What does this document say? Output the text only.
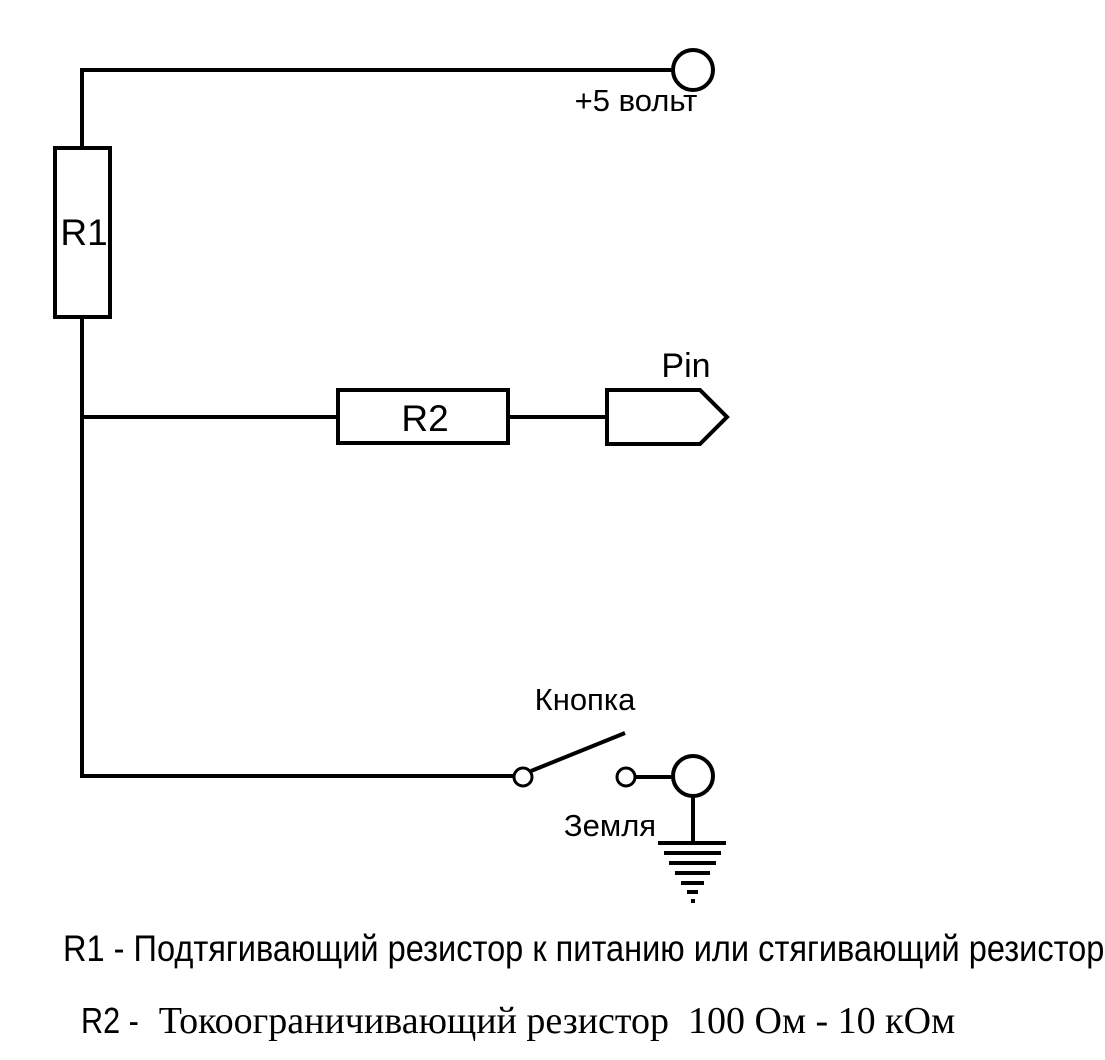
+5 вольт
R1
R2
Pin
Кнопка
Земля
R1 - Подтягивающий резистор к питанию или стягивающий резистор

R2 - Токоограничивающий резистор  100 Ом - 10 кОм
